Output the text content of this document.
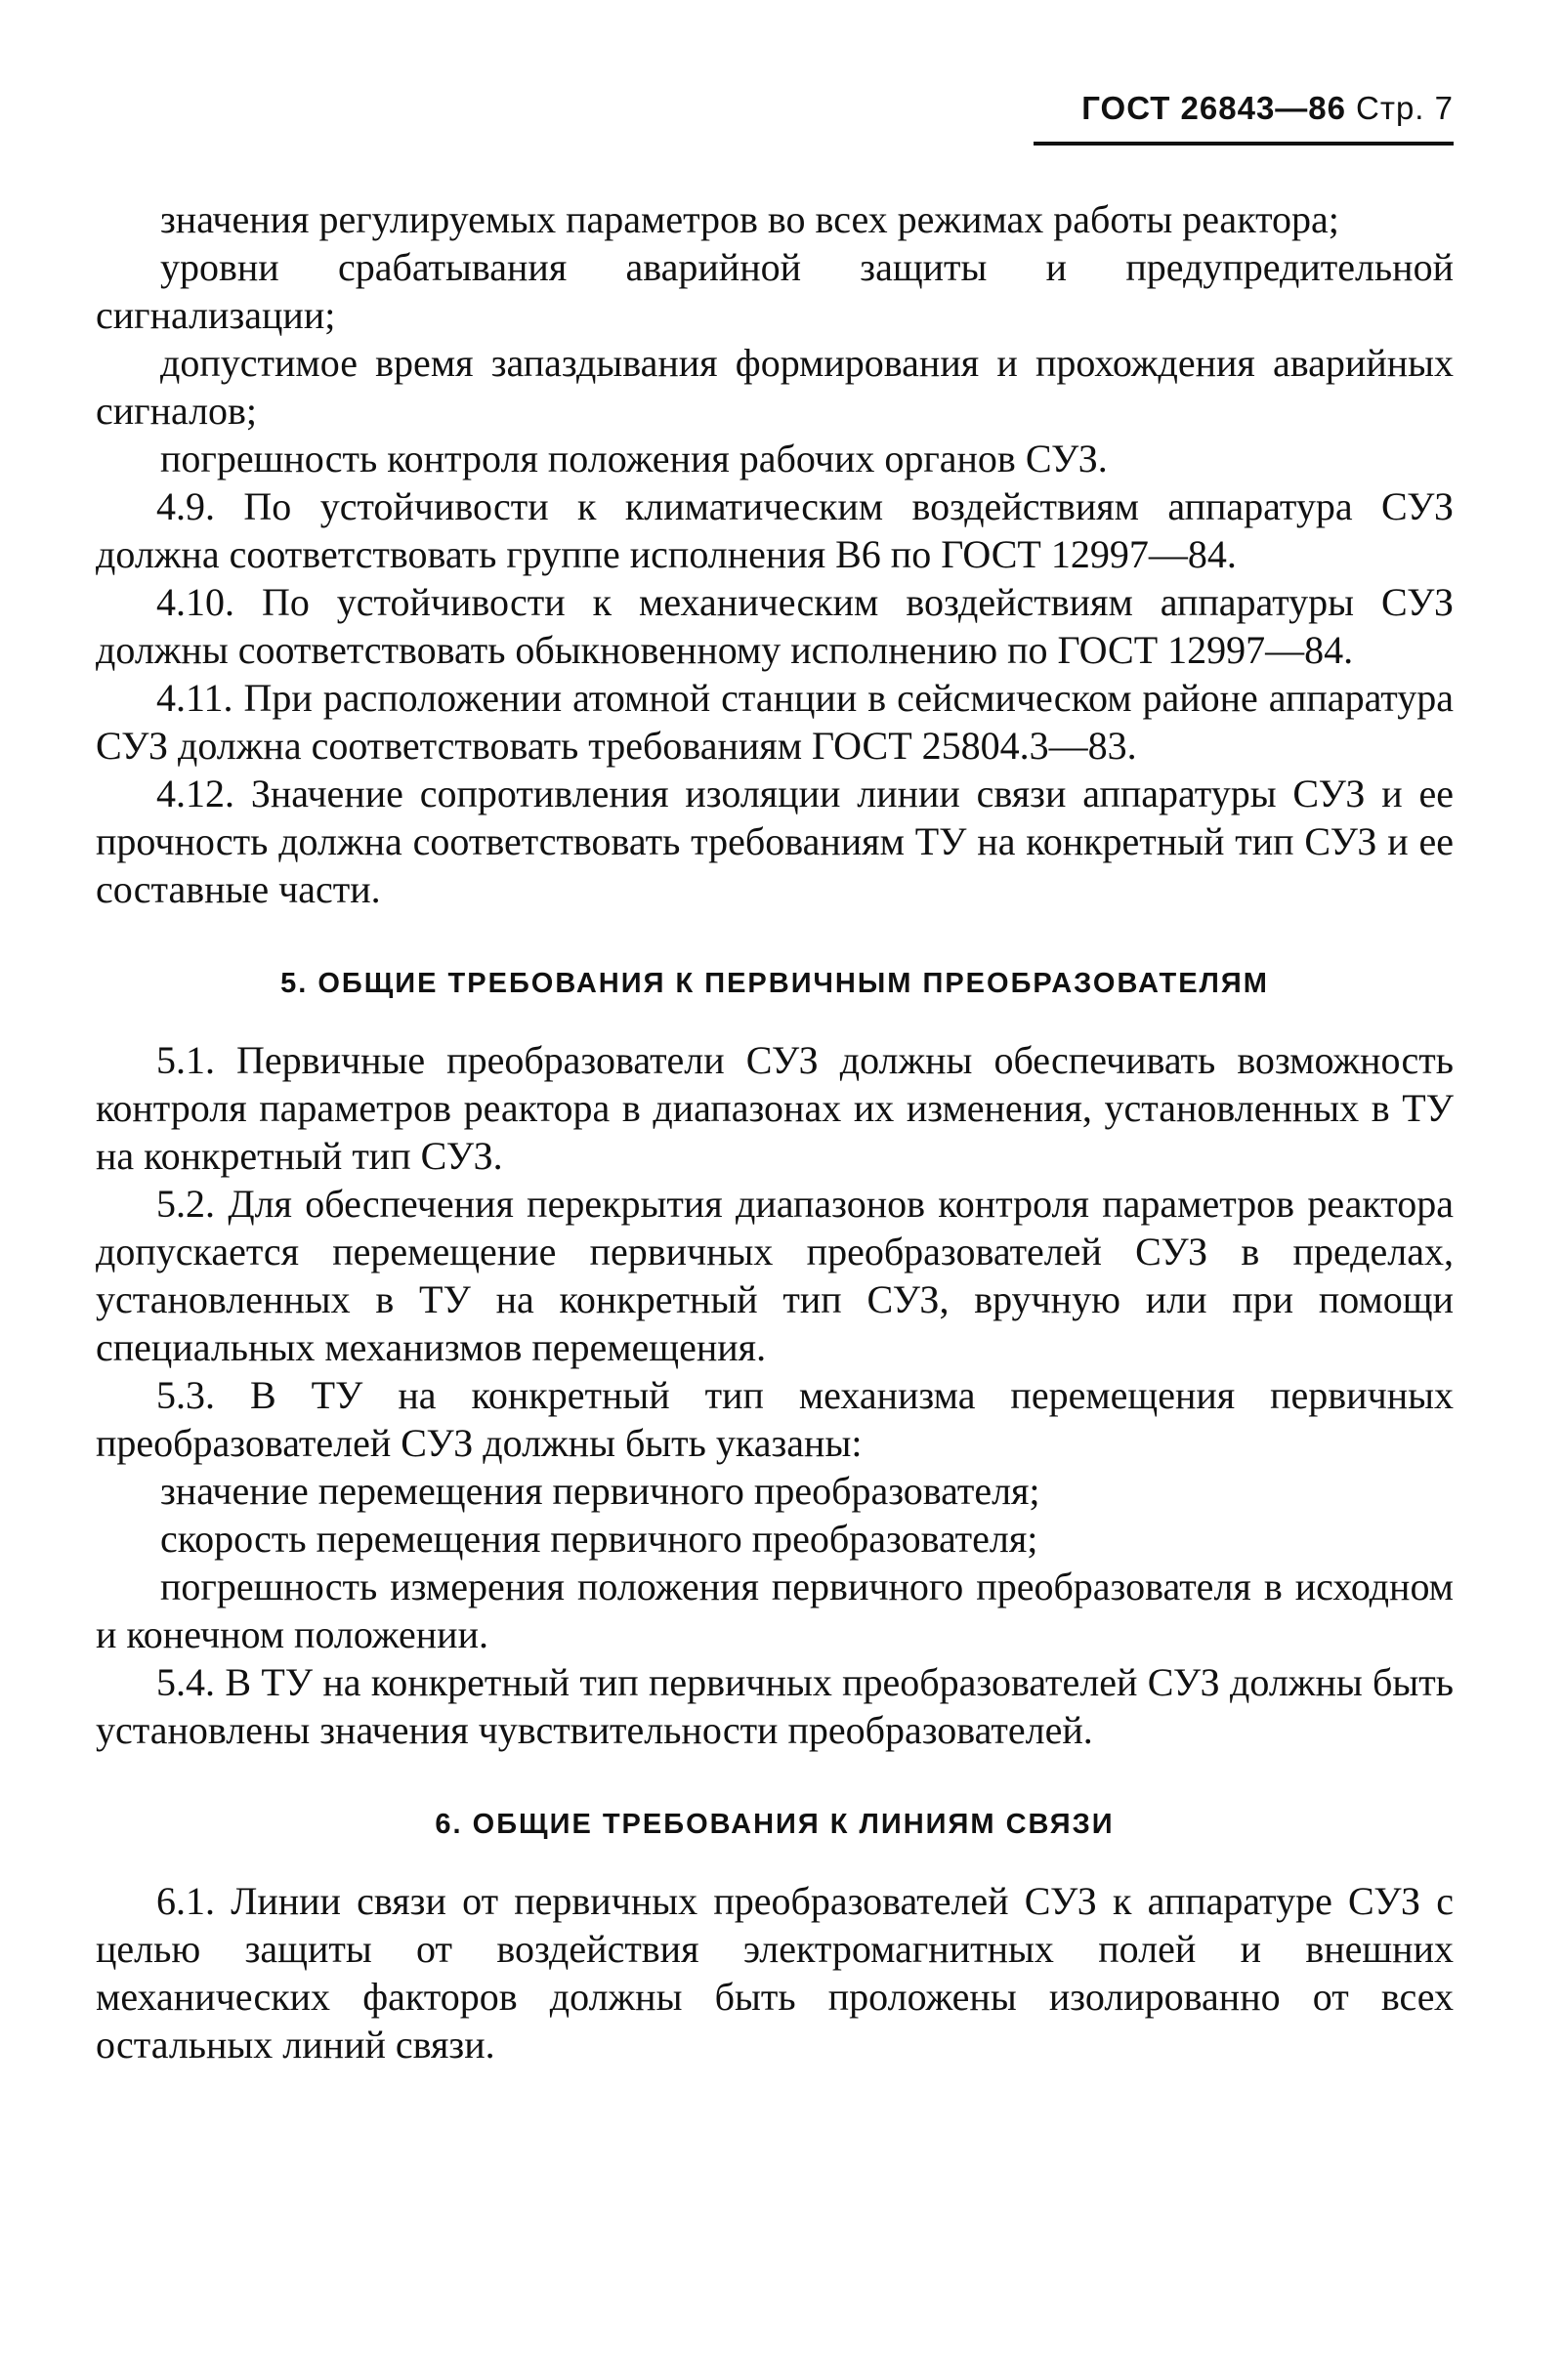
ГОСТ 26843—86 Стр. 7

значения регулируемых параметров во всех режимах работы реактора;

уровни срабатывания аварийной защиты и предупредительной сигнализации;

допустимое время запаздывания формирования и прохождения аварийных сигналов;

погрешность контроля положения рабочих органов СУЗ.

4.9. По устойчивости к климатическим воздействиям аппаратура СУЗ должна соответствовать группе исполнения В6 по ГОСТ 12997—84.

4.10. По устойчивости к механическим воздействиям аппаратуры СУЗ должны соответствовать обыкновенному исполнению по ГОСТ 12997—84.

4.11. При расположении атомной станции в сейсмическом районе аппаратура СУЗ должна соответствовать требованиям ГОСТ 25804.3—83.

4.12. Значение сопротивления изоляции линии связи аппаратуры СУЗ и ее прочность должна соответствовать требованиям ТУ на конкретный тип СУЗ и ее составные части.

5. ОБЩИЕ ТРЕБОВАНИЯ К ПЕРВИЧНЫМ ПРЕОБРАЗОВАТЕЛЯМ

5.1. Первичные преобразователи СУЗ должны обеспечивать возможность контроля параметров реактора в диапазонах их изменения, установленных в ТУ на конкретный тип СУЗ.

5.2. Для обеспечения перекрытия диапазонов контроля параметров реактора допускается перемещение первичных преобразователей СУЗ в пределах, установленных в ТУ на конкретный тип СУЗ, вручную или при помощи специальных механизмов перемещения.

5.3. В ТУ на конкретный тип механизма перемещения первичных преобразователей СУЗ должны быть указаны:

значение перемещения первичного преобразователя;

скорость перемещения первичного преобразователя;

погрешность измерения положения первичного преобразователя в исходном и конечном положении.

5.4. В ТУ на конкретный тип первичных преобразователей СУЗ должны быть установлены значения чувствительности преобразователей.

6. ОБЩИЕ ТРЕБОВАНИЯ К ЛИНИЯМ СВЯЗИ

6.1. Линии связи от первичных преобразователей СУЗ к аппаратуре СУЗ с целью защиты от воздействия электромагнитных полей и внешних механических факторов должны быть проложены изолированно от всех остальных линий связи.
